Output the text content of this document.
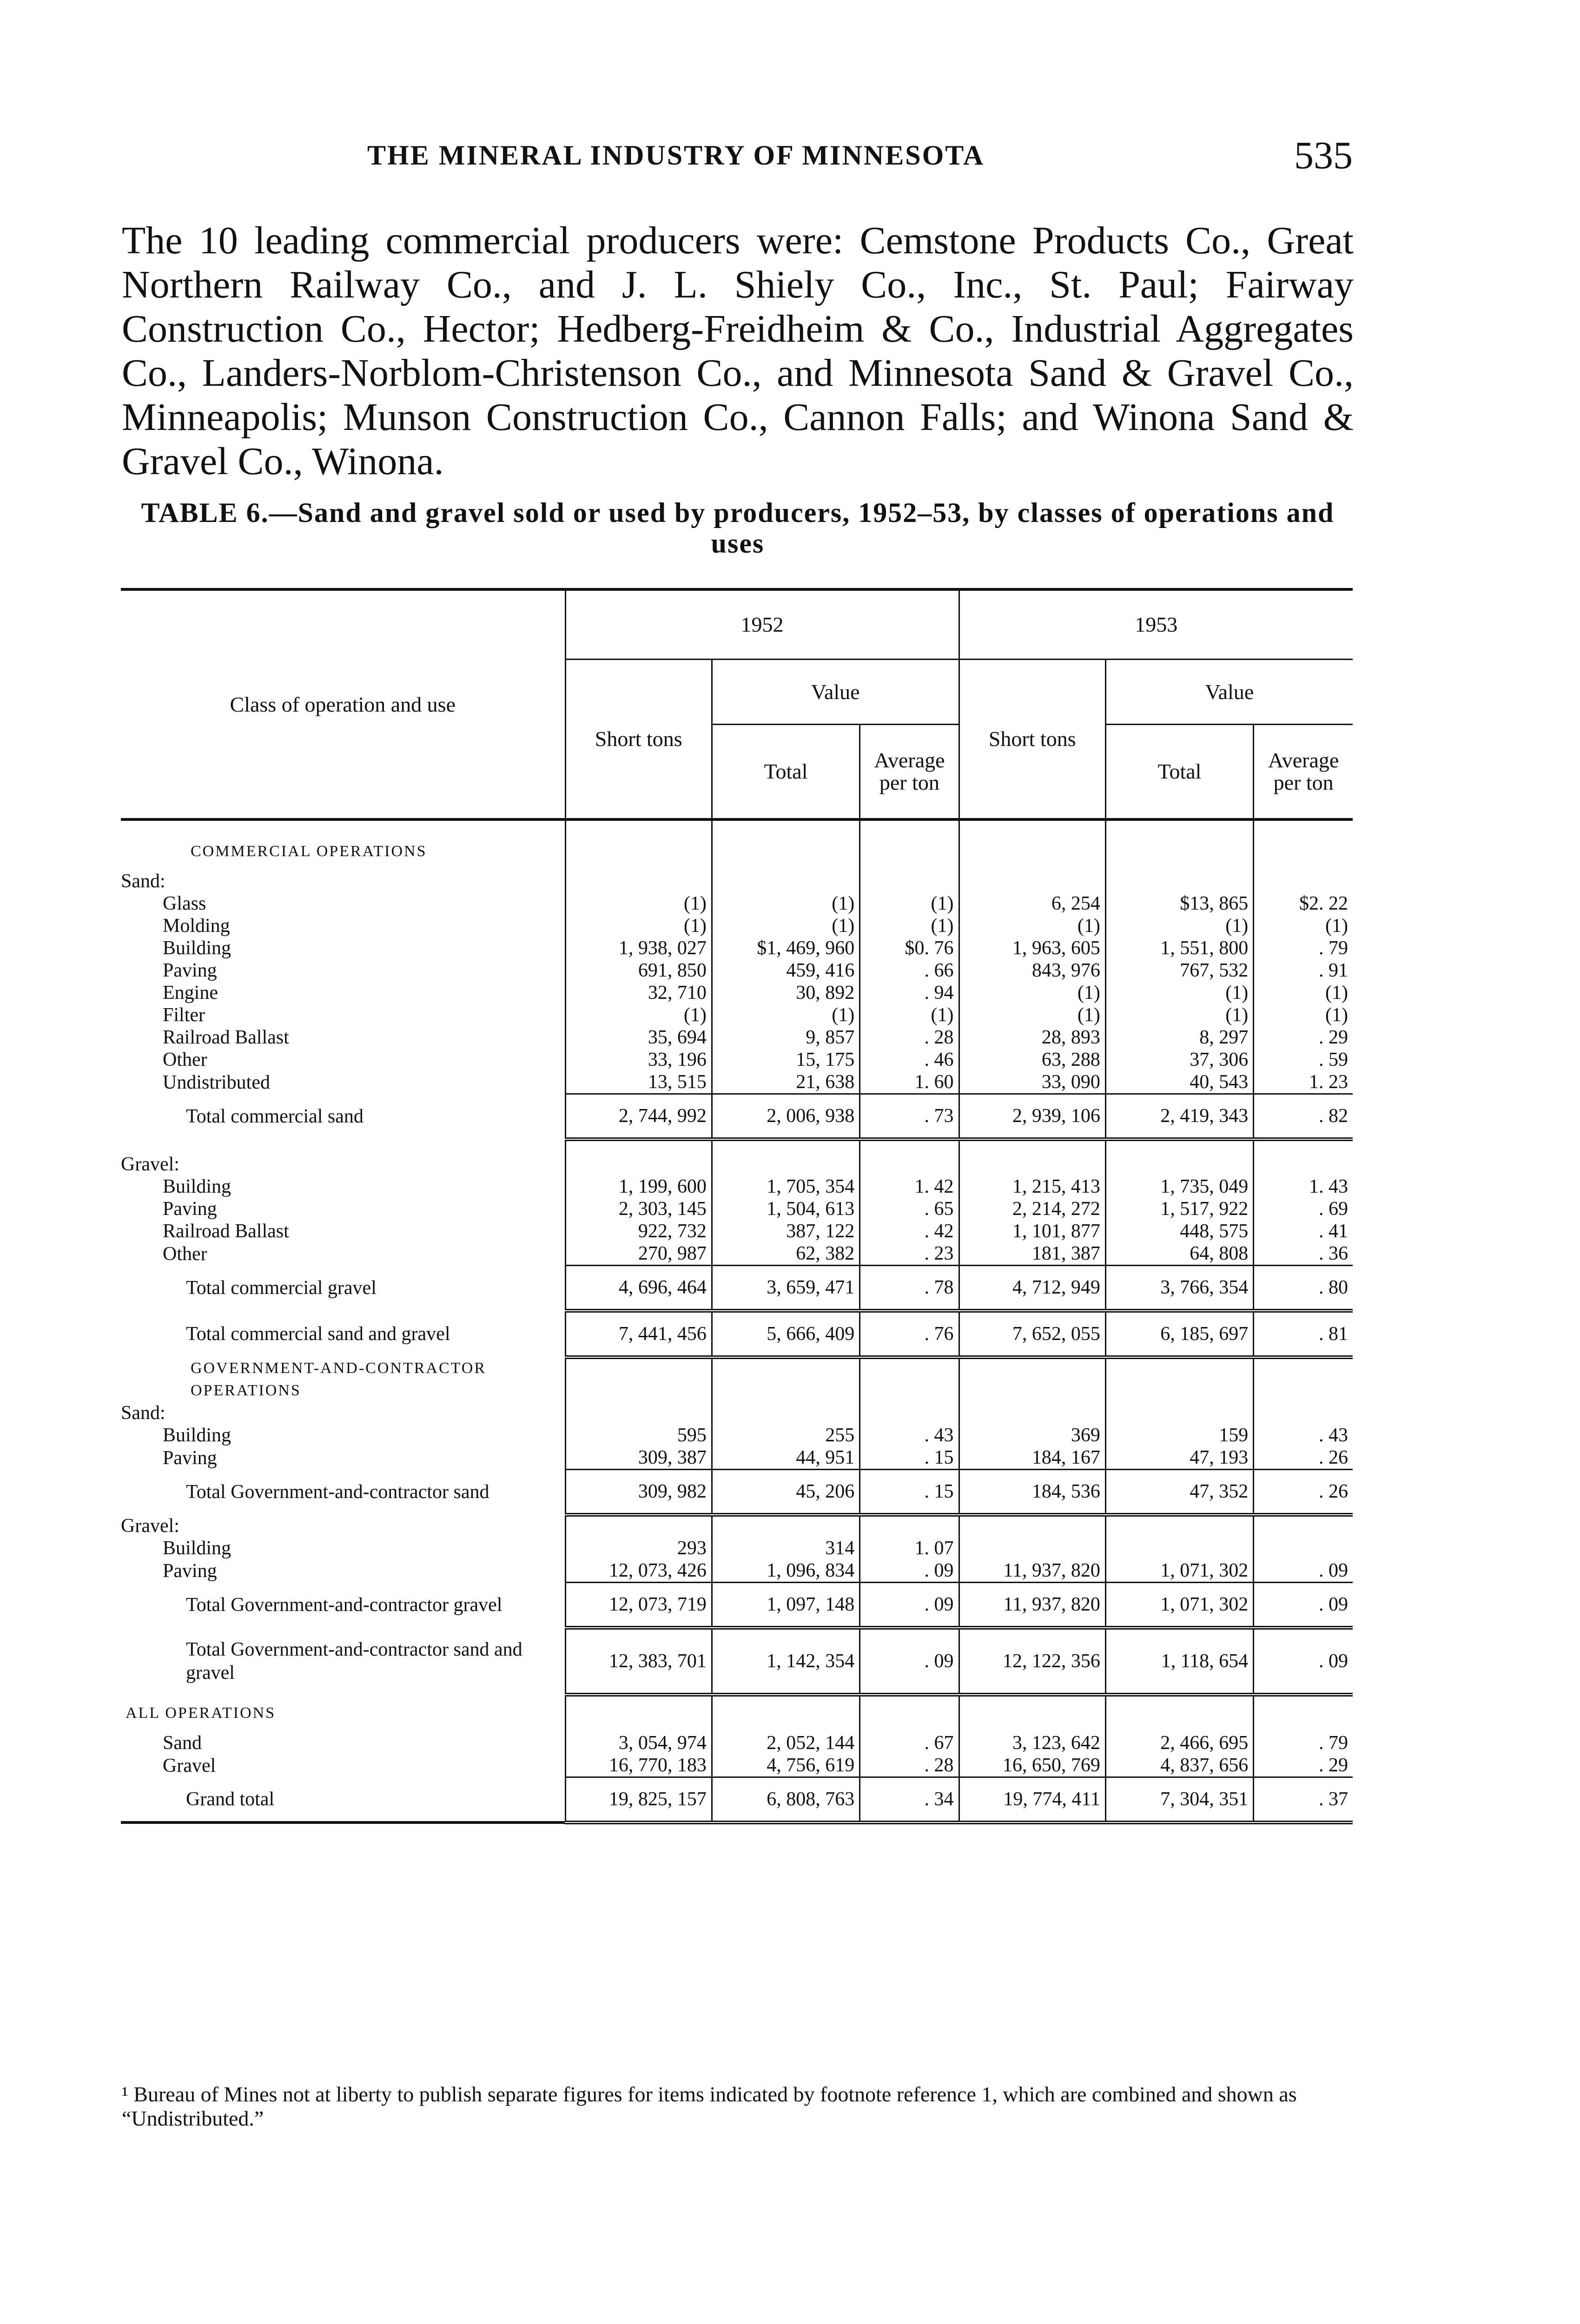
THE MINERAL INDUSTRY OF MINNESOTA	535

The 10 leading commercial producers were: Cemstone Products Co., Great Northern Railway Co., and J. L. Shiely Co., Inc., St. Paul; Fairway Construction Co., Hector; Hedberg-Freidheim & Co., Industrial Aggregates Co., Landers-Norblom-Christenson Co., and Minnesota Sand & Gravel Co., Minneapolis; Munson Construction Co., Cannon Falls; and Winona Sand & Gravel Co., Winona.

TABLE 6.—Sand and gravel sold or used by producers, 1952–53, by classes of operations and uses

Class of operation and use	1952			1953		
	Short tons	Value		Short tons	Value	
		Total	Average per ton		Total	Average per ton

COMMERCIAL OPERATIONS						
Sand:						
Glass	(1)	(1)	(1)	6, 254	$13, 865	$2. 22
Molding	(1)	(1)	(1)	(1)	(1)	(1)
Building	1, 938, 027	$1, 469, 960	$0. 76	1, 963, 605	1, 551, 800	. 79
Paving	691, 850	459, 416	. 66	843, 976	767, 532	. 91
Engine	32, 710	30, 892	. 94	(1)	(1)	(1)
Filter	(1)	(1)	(1)	(1)	(1)	(1)
Railroad Ballast	35, 694	9, 857	. 28	28, 893	8, 297	. 29
Other	33, 196	15, 175	. 46	63, 288	37, 306	. 59
Undistributed	13, 515	21, 638	1. 60	33, 090	40, 543	1. 23
Total commercial sand	2, 744, 992	2, 006, 938	. 73	2, 939, 106	2, 419, 343	. 82

Gravel:						
Building	1, 199, 600	1, 705, 354	1. 42	1, 215, 413	1, 735, 049	1. 43
Paving	2, 303, 145	1, 504, 613	. 65	2, 214, 272	1, 517, 922	. 69
Railroad Ballast	922, 732	387, 122	. 42	1, 101, 877	448, 575	. 41
Other	270, 987	62, 382	. 23	181, 387	64, 808	. 36
Total commercial gravel	4, 696, 464	3, 659, 471	. 78	4, 712, 949	3, 766, 354	. 80
Total commercial sand and gravel	7, 441, 456	5, 666, 409	. 76	7, 652, 055	6, 185, 697	. 81
GOVERNMENT-AND-CONTRACTOR OPERATIONS						
Sand:						
Building	595	255	. 43	369	159	. 43
Paving	309, 387	44, 951	. 15	184, 167	47, 193	. 26
Total Government-and-contractor sand	309, 982	45, 206	. 15	184, 536	47, 352	. 26
Gravel:						
Building	293	314	1. 07			
Paving	12, 073, 426	1, 096, 834	. 09	11, 937, 820	1, 071, 302	. 09
Total Government-and-contractor gravel	12, 073, 719	1, 097, 148	. 09	11, 937, 820	1, 071, 302	. 09
Total Government-and-contractor sand and gravel	12, 383, 701	1, 142, 354	. 09	12, 122, 356	1, 118, 654	. 09
ALL OPERATIONS						
Sand	3, 054, 974	2, 052, 144	. 67	3, 123, 642	2, 466, 695	. 79
Gravel	16, 770, 183	4, 756, 619	. 28	16, 650, 769	4, 837, 656	. 29
Grand total	19, 825, 157	6, 808, 763	. 34	19, 774, 411	7, 304, 351	. 37

¹ Bureau of Mines not at liberty to publish separate figures for items indicated by footnote reference 1, which are combined and shown as “Undistributed.”
